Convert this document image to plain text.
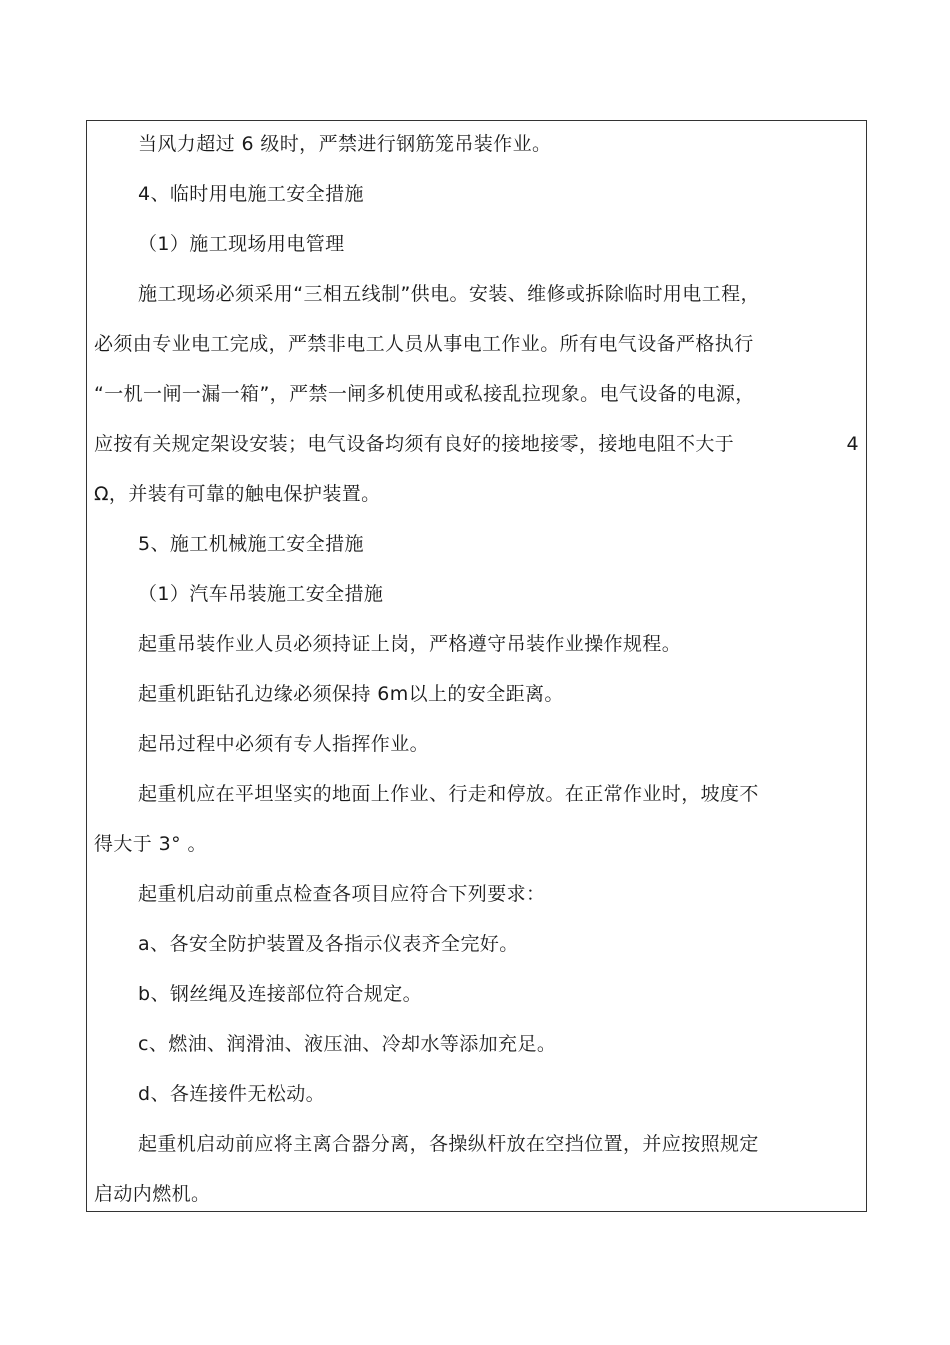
当风力超过 6 级时，严禁进行钢筋笼吊装作业。
4、临时用电施工安全措施
（1）施工现场用电管理
施工现场必须采用“三相五线制”供电。安装、维修或拆除临时用电工程，
必须由专业电工完成，严禁非电工人员从事电工作业。所有电气设备严格执行
“一机一闸一漏一箱”，严禁一闸多机使用或私接乱拉现象。电气设备的电源，
应按有关规定架设安装；电气设备均须有良好的接地接零，接地电阻不大于	4
Ω，并装有可靠的触电保护装置。
5、施工机械施工安全措施
（1）汽车吊装施工安全措施
起重吊装作业人员必须持证上岗，严格遵守吊装作业操作规程。
起重机距钻孔边缘必须保持 6m以上的安全距离。
起吊过程中必须有专人指挥作业。
起重机应在平坦坚实的地面上作业、行走和停放。在正常作业时，坡度不
得大于 3° 。
起重机启动前重点检查各项目应符合下列要求：
a、各安全防护装置及各指示仪表齐全完好。
b、钢丝绳及连接部位符合规定。
c、燃油、润滑油、液压油、冷却水等添加充足。
d、各连接件无松动。
起重机启动前应将主离合器分离，各操纵杆放在空挡位置，并应按照规定
启动内燃机。
